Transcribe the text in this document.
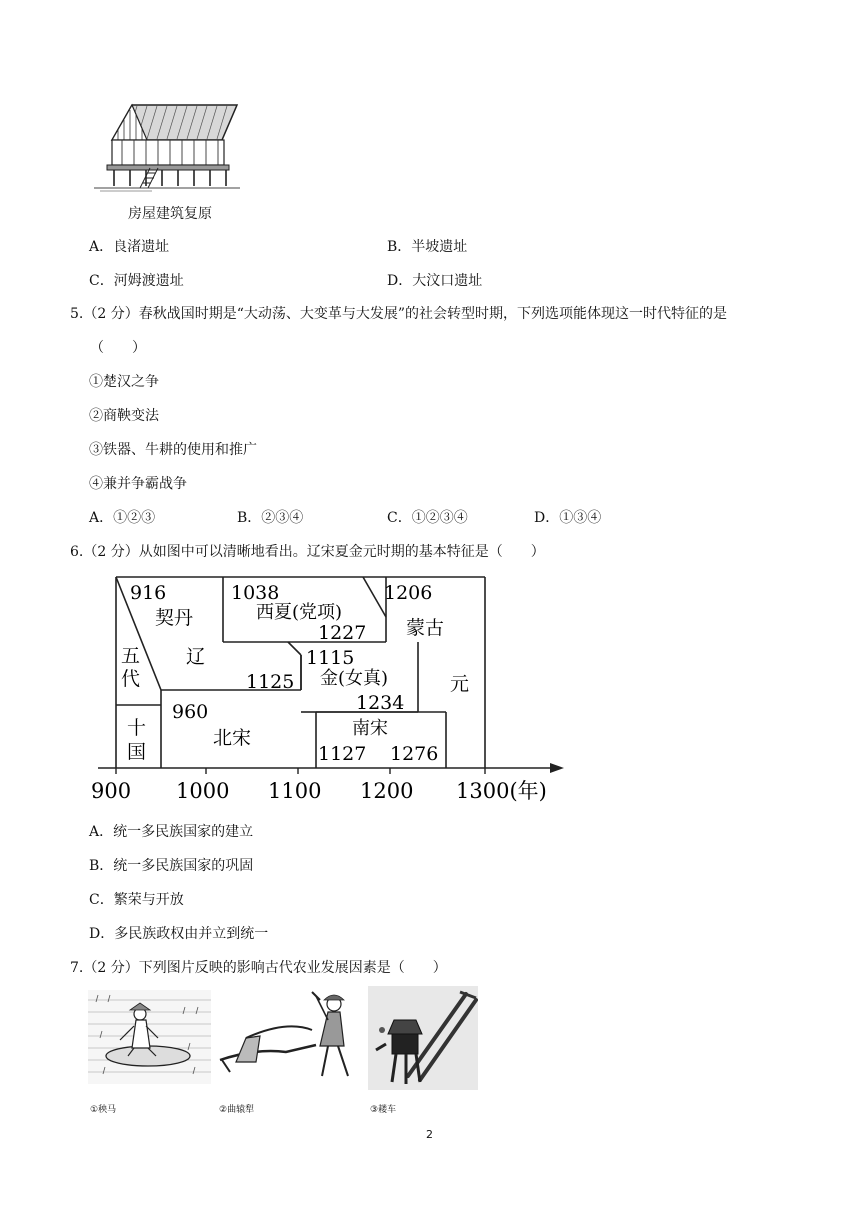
房屋建筑复原
A．良渚遗址	B．半坡遗址
C．河姆渡遗址	D．大汶口遗址
5.（2 分）春秋战国时期是“大动荡、大变革与大发展”的社会转型时期，下列选项能体现这一时代特征的是
（　　）
①楚汉之争
②商鞅变法
③铁器、牛耕的使用和推广
④兼并争霸战争
A．①②③	B．②③④	C．①②③④	D．①③④
6.（2 分）从如图中可以清晰地看出。辽宋夏金元时期的基本特征是（　　）
900 1000 1100 1200 1300(年)
契丹
辽
五
代
十
国
北宋
西夏(党项)
蒙古
金(女真)	元
南宋
916	1038
1227
1206
1115
1125
1234
960
1127 1276
A．统一多民族国家的建立
B．统一多民族国家的巩固
C．繁荣与开放
D．多民族政权由并立到统一
7.（2 分）下列图片反映的影响古代农业发展因素是（　　）
①秧马	②曲辕犁	③耧车
2
